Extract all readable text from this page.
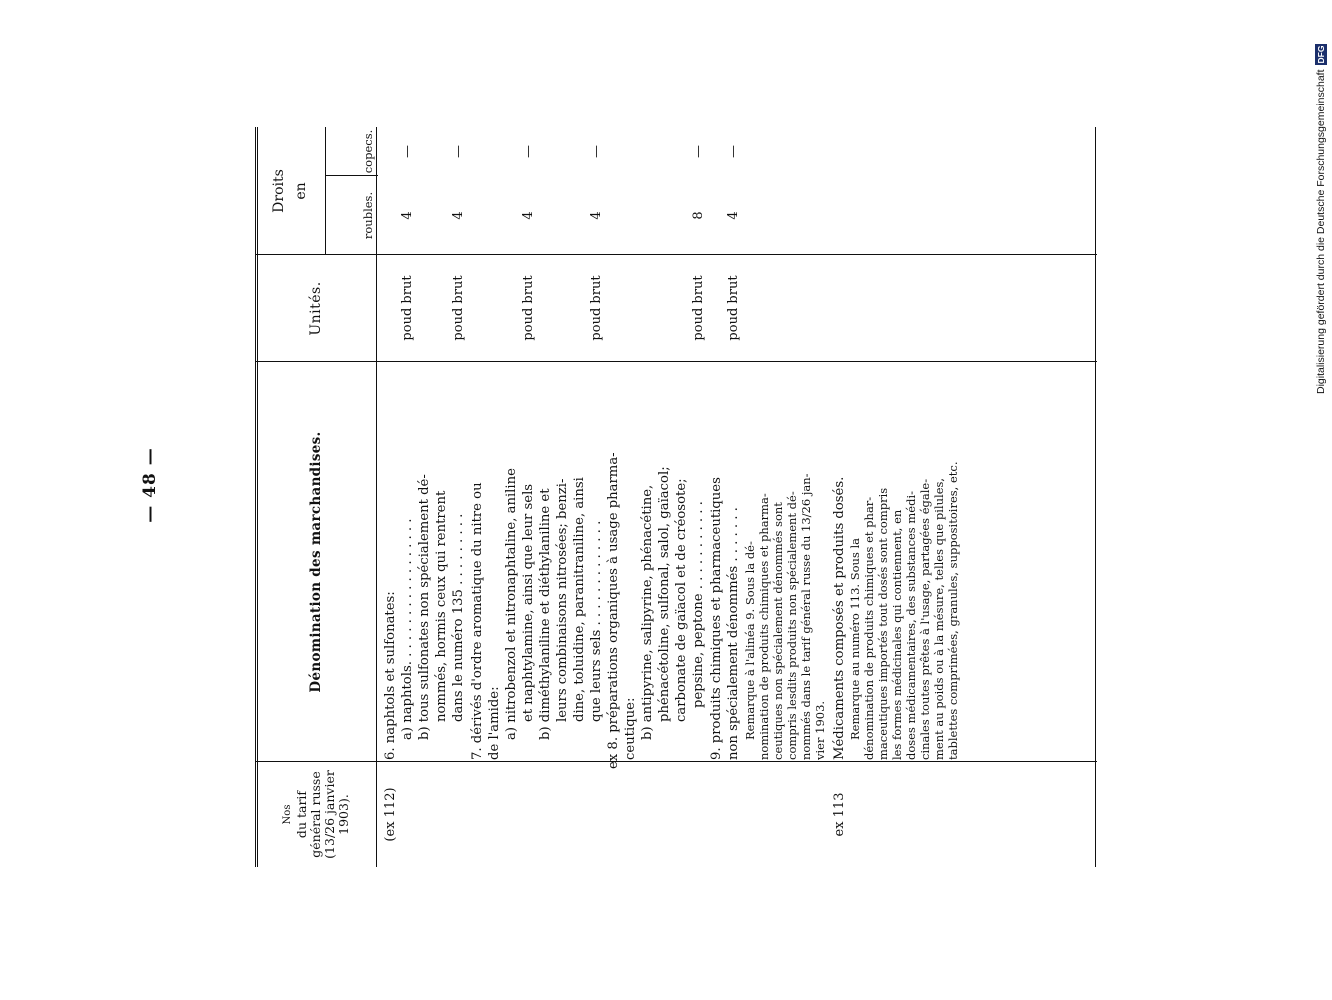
Digitalisierung gefördert durch die Deutsche ForschungsgemeinschaftDFG
— 48 —
Nos du tarif général russe (13/26 janvier 1903).
Dénomination des marchandises.
Unités.
Droits en
roubles.
copecs.
(ex 112)
6. naphtols et sulfonates: a) naphtols. . . . . . . . . . . . . . . . . .
poud brut
4
—
b) tous sulfonates non spécialement dé- nommés, hormis ceux qui rentrent dans le numéro 135 . . . . . . . . .
poud brut
4
—
7. dérivés d'ordre aromatique du nitre ou de l'amide: a) nitrobenzol et nitronaphtaline, aniline et naphtylamine, ainsi que leur sels
poud brut
4
—
b) diméthylaniline et diéthylaniline et leurs combinaisons nitrosées; benzi- dine, toluidine, paranitraniline, ainsi que leurs sels . . . . . . . . . . . . .
poud brut
4
—
ex 8. préparations organiques à usage pharma- ceutique: b) antipyrine, salipyrine, phénacétine, phénacétoline, sulfonal, salol, gaïacol; carbonate de gaïacol et de créosote; pepsine, peptone . . . . . . . . . . .
poud brut
8
—
9. produits chimiques et pharmaceutiques non spécialement dénommés . . . . . . .
poud brut
4
—
Remarque à l'alinéa 9. Sous la dé- nomination de produits chimiques et pharma- ceutiques non spécialement dénommés sont compris lesdits produits non spécialement dé- nommés dans le tarif général russe du 13/26 jan- vier 1903.
ex 113
Médicaments composés et produits dosés. Remarque au numéro 113. Sous la dénomination de produits chimiques et phar- maceutiques importés tout dosés sont compris les formes médicinales qui contiennent, en doses médicamentaires, des substances médi- cinales toutes prêtes à l'usage, partagées égale- ment au poids ou à la mésure, telles que pilules, tablettes comprimées, granules, suppositoires, etc.
